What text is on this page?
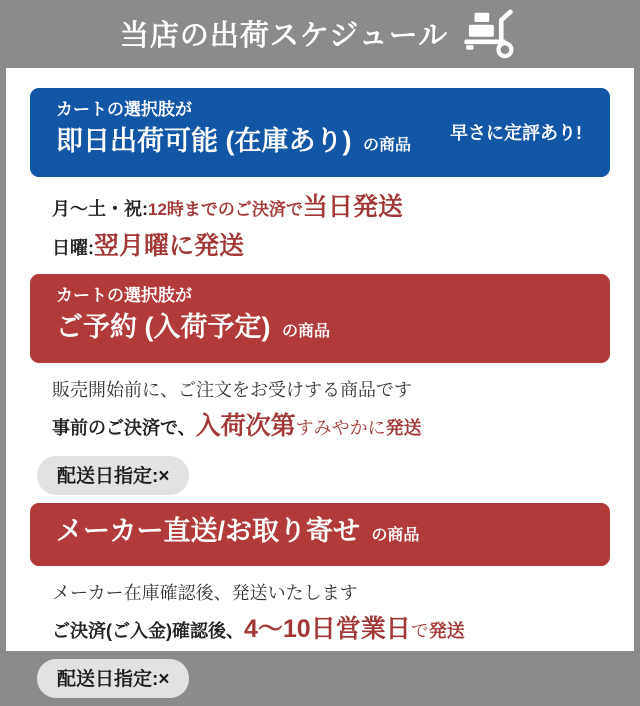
当店の出荷スケジュール
カートの選択肢が
即日出荷可能 (在庫あり) の商品
早さに定評あり!
月〜土・祝:12時までのご決済で当日発送
日曜:翌月曜に発送
カートの選択肢が
ご予約 (入荷予定) の商品
販売開始前に、ご注文をお受けする商品です
事前のご決済で、入荷次第すみやかに発送
配送日指定:×
メーカー直送/お取り寄せ の商品
メーカー在庫確認後、発送いたします
ご決済(ご入金)確認後、4〜10日営業日で発送
配送日指定:×
